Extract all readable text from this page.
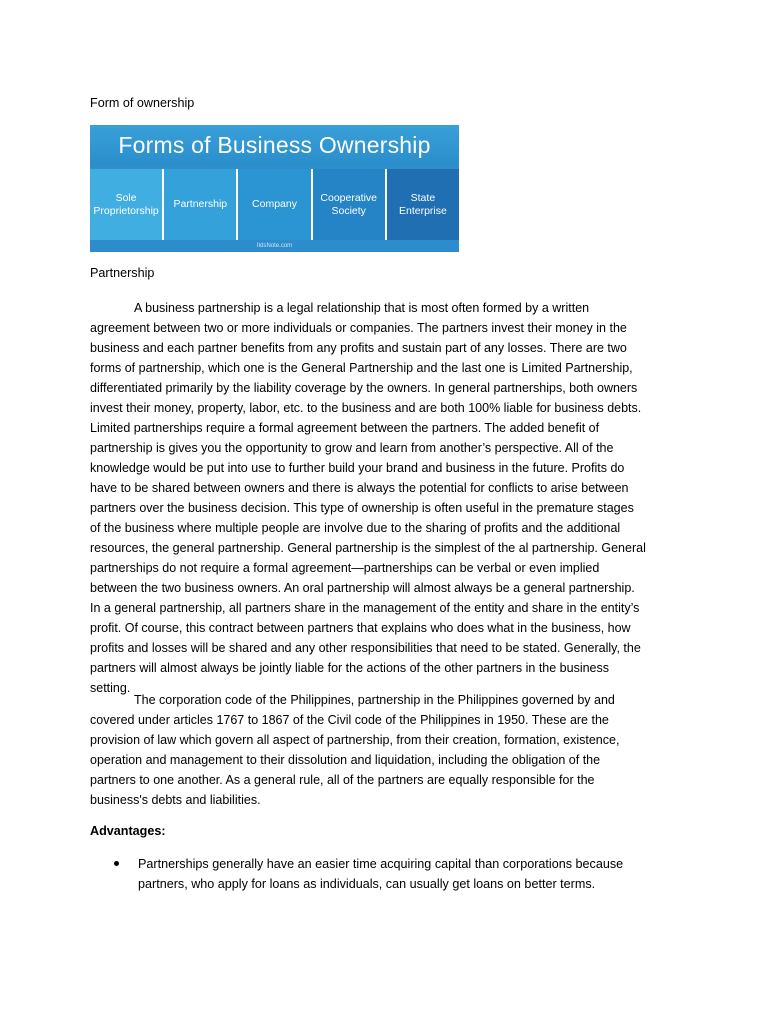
Form of ownership

Forms of Business Ownership
Sole Proprietorship
Partnership	Company
Cooperative Society
State Enterprise
IIdsNote.com

Partnership

A business partnership is a legal relationship that is most often formed by a written agreement between two or more individuals or companies. The partners invest their money in the business and each partner benefits from any profits and sustain part of any losses. There are two forms of partnership, which one is the General Partnership and the last one is Limited Partnership, differentiated primarily by the liability coverage by the owners. In general partnerships, both owners invest their money, property, labor, etc. to the business and are both 100% liable for business debts. Limited partnerships require a formal agreement between the partners. The added benefit of partnership is gives you the opportunity to grow and learn from another’s perspective. All of the knowledge would be put into use to further build your brand and business in the future. Profits do have to be shared between owners and there is always the potential for conflicts to arise between partners over the business decision. This type of ownership is often useful in the premature stages of the business where multiple people are involve due to the sharing of profits and the additional resources, the general partnership. General partnership is the simplest of the al partnership. General partnerships do not require a formal agreement—partnerships can be verbal or even implied between the two business owners. An oral partnership will almost always be a general partnership. In a general partnership, all partners share in the management of the entity and share in the entity’s profit. Of course, this contract between partners that explains who does what in the business, how profits and losses will be shared and any other responsibilities that need to be stated. Generally, the partners will almost always be jointly liable for the actions of the other partners in the business setting.

The corporation code of the Philippines, partnership in the Philippines governed by and covered under articles 1767 to 1867 of the Civil code of the Philippines in 1950. These are the provision of law which govern all aspect of partnership, from their creation, formation, existence, operation and management to their dissolution and liquidation, including the obligation of the partners to one another. As a general rule, all of the partners are equally responsible for the business's debts and liabilities.

Advantages:

Partnerships generally have an easier time acquiring capital than corporations because partners, who apply for loans as individuals, can usually get loans on better terms.
